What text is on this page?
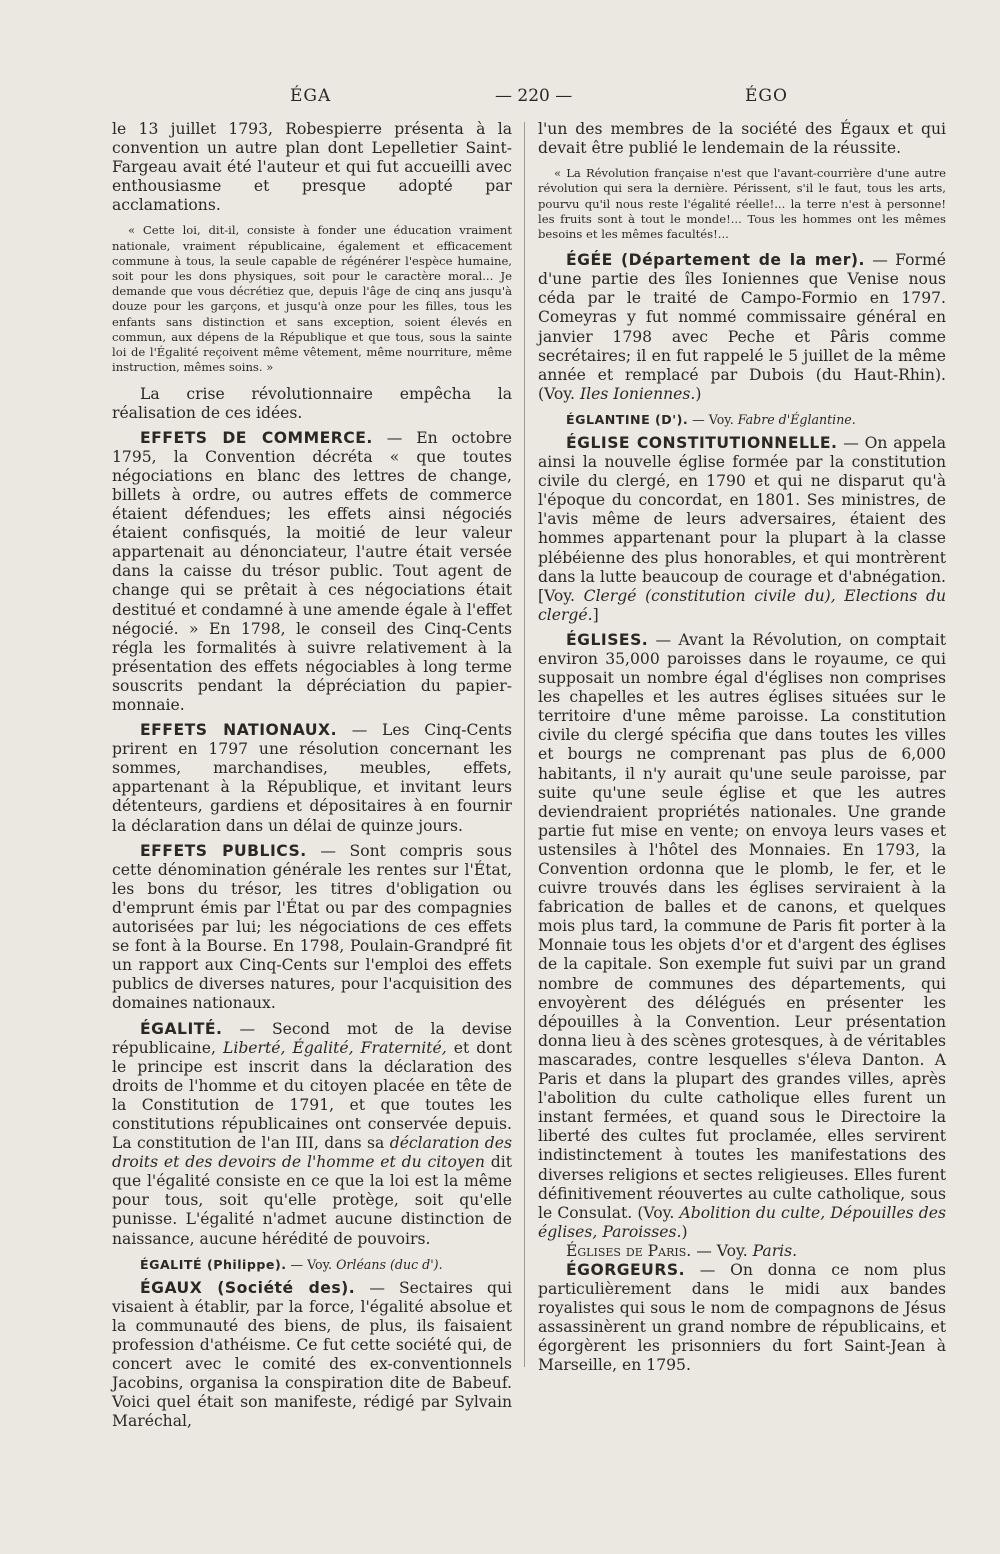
ÉGA	— 220 —	ÉGO

le 13 juillet 1793, Robespierre présenta à la convention un autre plan dont Lepelletier Saint-Fargeau avait été l'auteur et qui fut accueilli avec enthousiasme et presque adopté par acclamations.

« Cette loi, dit-il, consiste à fonder une éducation vraiment nationale, vraiment républicaine, également et efficacement commune à tous, la seule capable de régénérer l'espèce humaine, soit pour les dons physiques, soit pour le caractère moral... Je demande que vous décrétiez que, depuis l'âge de cinq ans jusqu'à douze pour les garçons, et jusqu'à onze pour les filles, tous les enfants sans distinction et sans exception, soient élevés en commun, aux dépens de la République et que tous, sous la sainte loi de l'Égalité reçoivent même vêtement, même nourriture, même instruction, mêmes soins. »

La crise révolutionnaire empêcha la réalisation de ces idées.

EFFETS DE COMMERCE. — En octobre 1795, la Convention décréta « que toutes négociations en blanc des lettres de change, billets à ordre, ou autres effets de commerce étaient défendues; les effets ainsi négociés étaient confisqués, la moitié de leur valeur appartenait au dénonciateur, l'autre était versée dans la caisse du trésor public. Tout agent de change qui se prêtait à ces négociations était destitué et condamné à une amende égale à l'effet négocié. » En 1798, le conseil des Cinq-Cents régla les formalités à suivre relativement à la présentation des effets négociables à long terme souscrits pendant la dépréciation du papier-monnaie.

EFFETS NATIONAUX. — Les Cinq-Cents prirent en 1797 une résolution concernant les sommes, marchandises, meubles, effets, appartenant à la République, et invitant leurs détenteurs, gardiens et dépositaires à en fournir la déclaration dans un délai de quinze jours.

EFFETS PUBLICS. — Sont compris sous cette dénomination générale les rentes sur l'État, les bons du trésor, les titres d'obligation ou d'emprunt émis par l'État ou par des compagnies autorisées par lui; les négociations de ces effets se font à la Bourse. En 1798, Poulain-Grandpré fit un rapport aux Cinq-Cents sur l'emploi des effets publics de diverses natures, pour l'acquisition des domaines nationaux.

ÉGALITÉ. — Second mot de la devise républicaine, Liberté, Égalité, Fraternité, et dont le principe est inscrit dans la déclaration des droits de l'homme et du citoyen placée en tête de la Constitution de 1791, et que toutes les constitutions républicaines ont conservée depuis. La constitution de l'an III, dans sa déclaration des droits et des devoirs de l'homme et du citoyen dit que l'égalité consiste en ce que la loi est la même pour tous, soit qu'elle protège, soit qu'elle punisse. L'égalité n'admet aucune distinction de naissance, aucune hérédité de pouvoirs.

ÉGALITÉ (Philippe). — Voy. Orléans (duc d').

ÉGAUX (Société des). — Sectaires qui visaient à établir, par la force, l'égalité absolue et la communauté des biens, de plus, ils faisaient profession d'athéisme. Ce fut cette société qui, de concert avec le comité des ex-conventionnels Jacobins, organisa la conspiration dite de Babeuf. Voici quel était son manifeste, rédigé par Sylvain Maréchal,

l'un des membres de la société des Égaux et qui devait être publié le lendemain de la réussite.

« La Révolution française n'est que l'avant-courrière d'une autre révolution qui sera la dernière. Périssent, s'il le faut, tous les arts, pourvu qu'il nous reste l'égalité réelle!... la terre n'est à personne! les fruits sont à tout le monde!... Tous les hommes ont les mêmes besoins et les mêmes facultés!...

ÉGÉE (Département de la mer). — Formé d'une partie des îles Ioniennes que Venise nous céda par le traité de Campo-Formio en 1797. Comeyras y fut nommé commissaire général en janvier 1798 avec Peche et Pâris comme secrétaires; il en fut rappelé le 5 juillet de la même année et remplacé par Dubois (du Haut-Rhin). (Voy. Iles Ioniennes.)

ÉGLANTINE (D'). — Voy. Fabre d'Églantine.

ÉGLISE CONSTITUTIONNELLE. — On appela ainsi la nouvelle église formée par la constitution civile du clergé, en 1790 et qui ne disparut qu'à l'époque du concordat, en 1801. Ses ministres, de l'avis même de leurs adversaires, étaient des hommes appartenant pour la plupart à la classe plébéienne des plus honorables, et qui montrèrent dans la lutte beaucoup de courage et d'abnégation. [Voy. Clergé (constitution civile du), Elections du clergé.]

ÉGLISES. — Avant la Révolution, on comptait environ 35,000 paroisses dans le royaume, ce qui supposait un nombre égal d'églises non comprises les chapelles et les autres églises situées sur le territoire d'une même paroisse. La constitution civile du clergé spécifia que dans toutes les villes et bourgs ne comprenant pas plus de 6,000 habitants, il n'y aurait qu'une seule paroisse, par suite qu'une seule église et que les autres deviendraient propriétés nationales. Une grande partie fut mise en vente; on envoya leurs vases et ustensiles à l'hôtel des Monnaies. En 1793, la Convention ordonna que le plomb, le fer, et le cuivre trouvés dans les églises serviraient à la fabrication de balles et de canons, et quelques mois plus tard, la commune de Paris fit porter à la Monnaie tous les objets d'or et d'argent des églises de la capitale. Son exemple fut suivi par un grand nombre de communes des départements, qui envoyèrent des délégués en présenter les dépouilles à la Convention. Leur présentation donna lieu à des scènes grotesques, à de véritables mascarades, contre lesquelles s'éleva Danton. A Paris et dans la plupart des grandes villes, après l'abolition du culte catholique elles furent un instant fermées, et quand sous le Directoire la liberté des cultes fut proclamée, elles servirent indistinctement à toutes les manifestations des diverses religions et sectes religieuses. Elles furent définitivement réouvertes au culte catholique, sous le Consulat. (Voy. Abolition du culte, Dépouilles des églises, Paroisses.)

Églises de Paris. — Voy. Paris.

ÉGORGEURS. — On donna ce nom plus particulièrement dans le midi aux bandes royalistes qui sous le nom de compagnons de Jésus assassinèrent un grand nombre de républicains, et égorgèrent les prisonniers du fort Saint-Jean à Marseille, en 1795.
